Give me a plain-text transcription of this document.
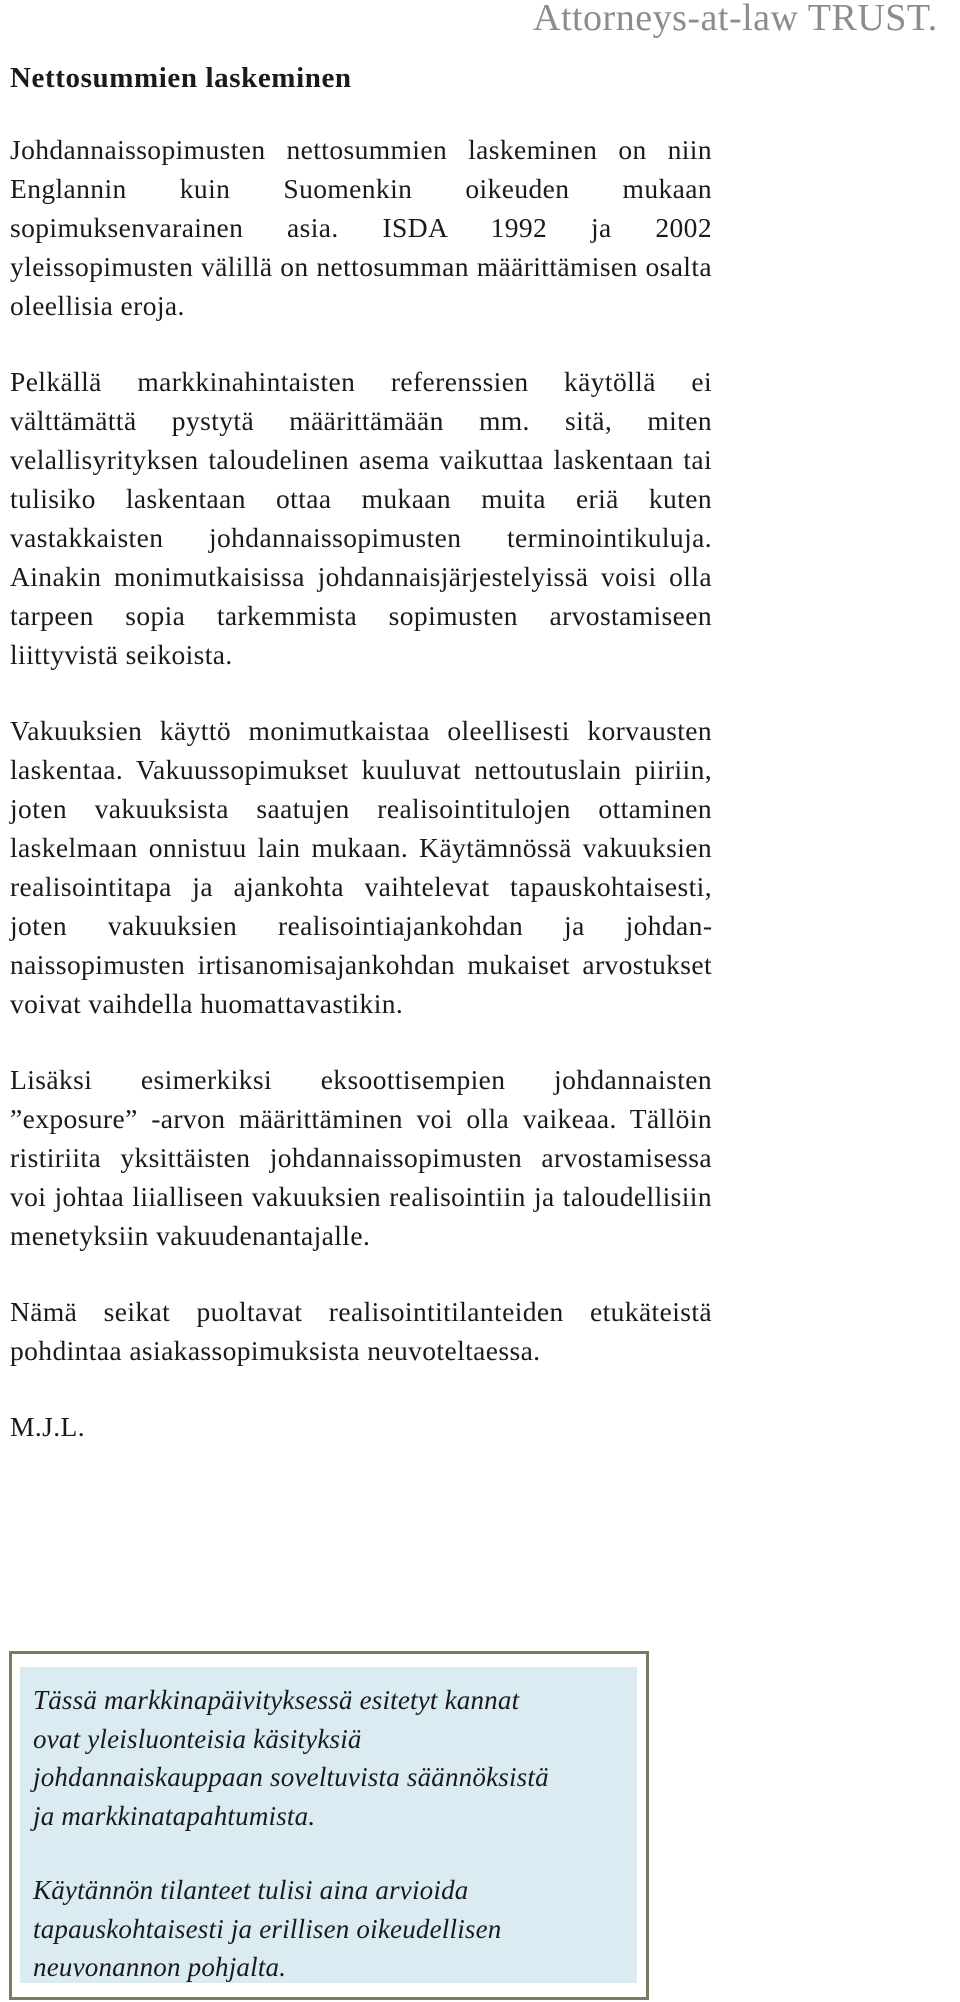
Attorneys-at-law TRUST.
Nettosummien laskeminen

Johdannaissopimusten nettosummien laskeminen on niin Englannin kuin Suomenkin oikeuden mukaan sopimuksenvarainen asia. ISDA 1992 ja 2002 yleissopimusten välillä on nettosumman määrittämisen osalta oleellisia eroja.

Pelkällä markkinahintaisten referenssien käytöllä ei välttämättä pystytä määrittämään mm. sitä, miten velallisyrityksen taloudelinen asema vaikuttaa laskentaan tai tulisiko laskentaan ottaa mukaan muita eriä kuten vastakkaisten johdannaissopimusten terminointikuluja. Ainakin monimutkaisissa johdannaisjärjestelyissä voisi olla tarpeen sopia tarkemmista sopimusten arvostamiseen liittyvistä seikoista.

Vakuuksien käyttö monimutkaistaa oleellisesti korvausten laskentaa. Vakuussopimukset kuuluvat nettoutuslain piiriin, joten vakuuksista saatujen realisointitulojen ottaminen laskelmaan onnistuu lain mukaan. Käytämnössä vakuuksien realisointitapa ja ajankohta vaihtelevat tapauskohtaisesti, joten vakuuksien realisointiajankohdan ja johdannaissopimusten irtisanomisajankohdan mukaiset arvostukset voivat vaihdella huomattavastikin.

Lisäksi esimerkiksi eksoottisempien johdannaisten ”exposure” -arvon määrittäminen voi olla vaikeaa. Tällöin ristiriita yksittäisten johdannaissopimusten arvostamisessa voi johtaa liialliseen vakuuksien realisointiin ja taloudellisiin menetyksiin vakuudenantajalle.

Nämä seikat puoltavat realisointitilanteiden etukäteistä pohdintaa asiakassopimuksista neuvoteltaessa.

M.J.L.

Tässä markkinapäivityksessä esitetyt kannat
ovat yleisluonteisia käsityksiä
johdannaiskauppaan soveltuvista säännöksistä
ja markkinatapahtumista.

Käytännön tilanteet tulisi aina arvioida
tapauskohtaisesti ja erillisen oikeudellisen
neuvonannon pohjalta.
